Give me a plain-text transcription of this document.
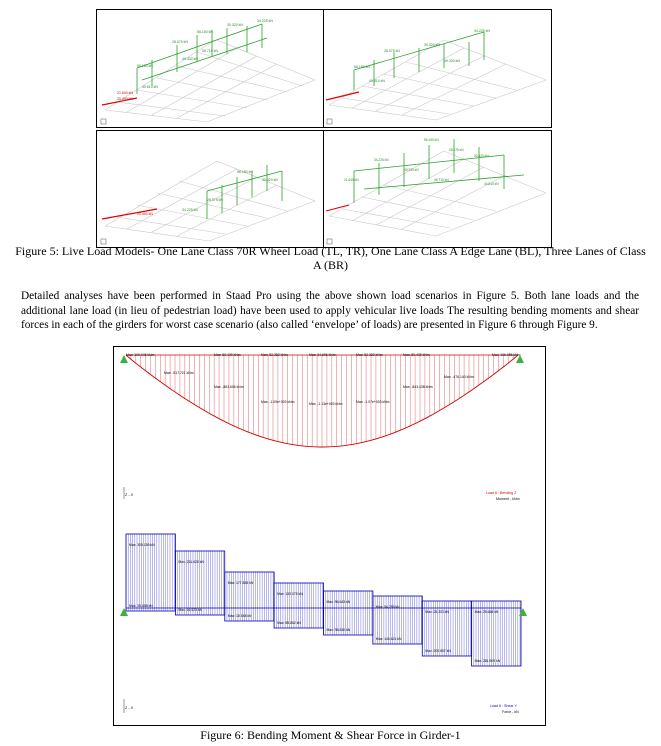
56.150 kN
28.075 kN
56.150 kN
30.320 kN
34.225 kN
49.330 kN
35.710 kN
40.810 kN
21.640 kN
20.490 kN
56.150 kN
28.075 kN
30.320 kN
34.225 kN
49.330 kN
40.810 kN
56.150 kN
28.075 kN
30.320 kN
34.225 kN
20.490 kN
56.150 kN
28.075 kN
30.320 kN
34.225 kN
49.330 kN
35.710 kN
40.810 kN
21.640 kN
Figure 5: Live Load Models- One Lane Class 70R Wheel Load (TL, TR), One Lane Class A Edge Lane (BL), Three Lanes of Class A (BR)
Detailed analyses have been performed in Staad Pro using the above shown load scenarios in Figure 5. Both lane loads and the additional lane load (in lieu of pedestrian load) have been used to apply vehicular live loads The resulting bending moments and shear forces in each of the girders for worst case scenario (also called ‘envelope’ of loads) are presented in Figure 6 through Figure 9.
Max: 106.045 kNm	Max: 80.439 kNm	Max: 52.382 kNm	Max: 34.696 kNm	Max: 52.382 kNm	Max: 80.439 kNm	Max: 106.055 kNm
Max: -517.721 kNm
Max: -863.606 kNm
Max: -1.09e+003 kNm	Max: -1.13e+003 kNm	Max: -1.07e+003 kNm
Max: -843.438 kNm
Max: -476.140 kNm
Load 6 : Bending Z
Moment - kNm
Z→X
Max: 305.159 kN
Max: 25.658 kN
Max: 231.628 kN
Max: 16.523 kN
Max: 177.858 kN
Max: 18.548 kN
Max: 133.075 kN
Max: 55.862 kN
Max: 96.643 kN
Max: 98.830 kN
Max: 54.255 kN
Max: 146.621 kN
Max: 25.303 kN
Max: 209.857 kN
Max: 25.658 kN
Max: 281.909 kN
Load 6 : Shear Y
Force - kN
Z→X
Figure 6: Bending Moment & Shear Force in Girder-1
